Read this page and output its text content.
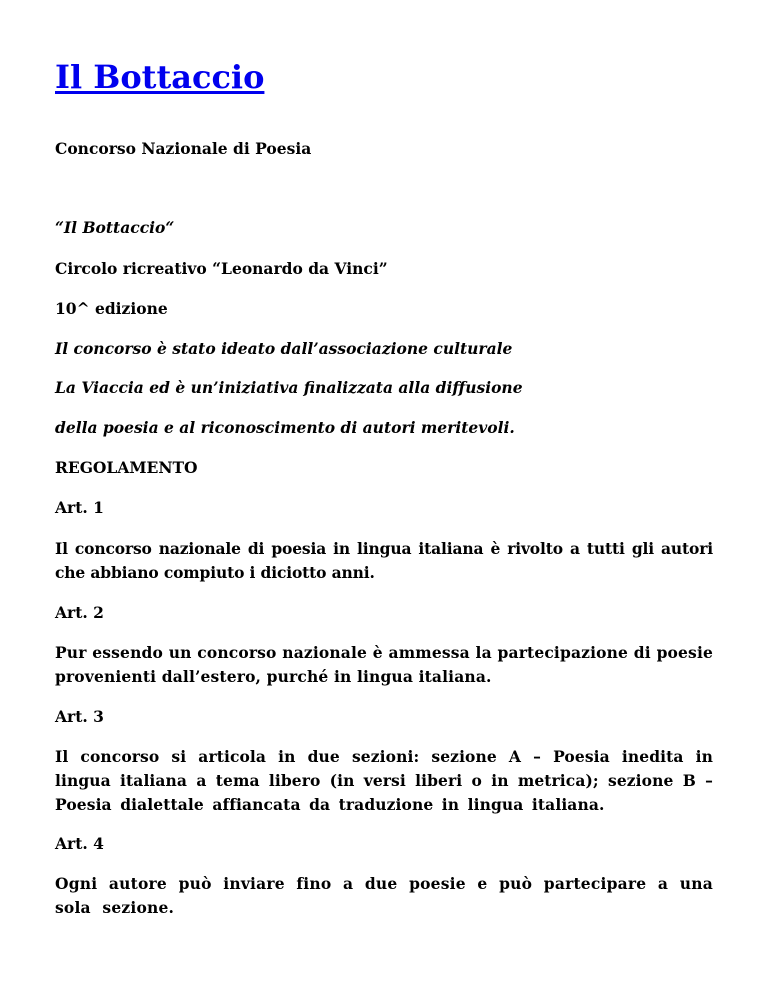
Il Bottaccio

Concorso Nazionale di Poesia

“Il Bottaccio“

Circolo ricreativo “Leonardo da Vinci”

10^ edizione

Il concorso è stato ideato dall’associazione culturale

La Viaccia ed è un’iniziativa finalizzata alla diffusione

della poesia e al riconoscimento di autori meritevoli.

REGOLAMENTO

Art. 1

Il concorso nazionale di poesia in lingua italiana è rivolto a tutti gli autori che abbiano compiuto i diciotto anni.

Art. 2

Pur essendo un concorso nazionale è ammessa la partecipazione di poesie provenienti dall’estero, purché in lingua italiana.

Art. 3

Il concorso si articola in due sezioni: sezione A – Poesia inedita in lingua italiana a tema libero (in versi liberi o in metrica); sezione B – Poesia dialettale affiancata da traduzione in lingua italiana.

Art. 4

Ogni autore può inviare fino a due poesie e può partecipare a una sola sezione.
